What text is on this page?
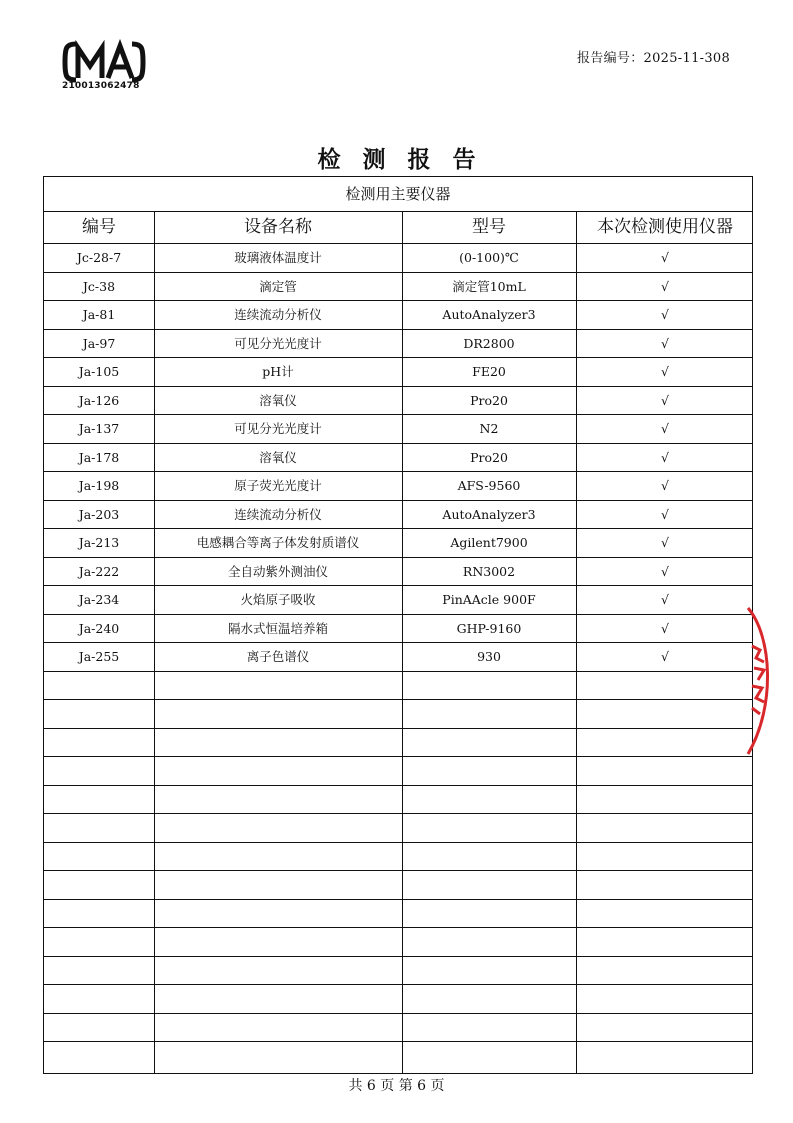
210013062478
报告编号：2025-11-308
检测报告
检测用主要仪器
编号	设备名称	型号	本次检测使用仪器
Jc-28-7	玻璃液体温度计	(0-100)℃	√
Jc-38	滴定管	滴定管10mL	√
Ja-81	连续流动分析仪	AutoAnalyzer3	√
Ja-97	可见分光光度计	DR2800	√
Ja-105	pH计	FE20	√
Ja-126	溶氧仪	Pro20	√
Ja-137	可见分光光度计	N2	√
Ja-178	溶氧仪	Pro20	√
Ja-198	原子荧光光度计	AFS-9560	√
Ja-203	连续流动分析仪	AutoAnalyzer3	√
Ja-213	电感耦合等离子体发射质谱仪	Agilent7900	√
Ja-222	全自动紫外测油仪	RN3002	√
Ja-234	火焰原子吸收	PinAAcle 900F	√
Ja-240	隔水式恒温培养箱	GHP-9160	√
Ja-255	离子色谱仪	930	√
共 6 页 第 6 页
